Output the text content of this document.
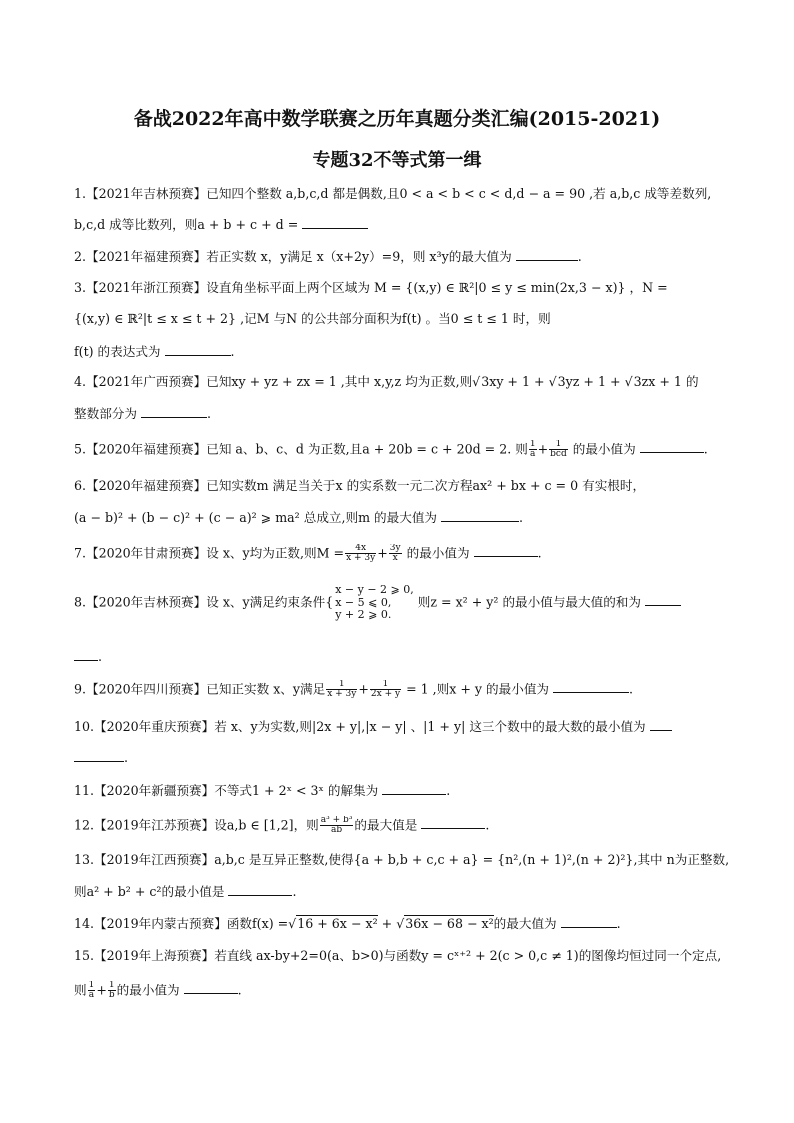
备战2022年高中数学联赛之历年真题分类汇编(2015-2021)
专题32不等式第一缉
1.【2021年吉林预赛】已知四个整数 a,b,c,d 都是偶数,且0 < a < b < c < d,d − a = 90 ,若 a,b,c 成等差数列,
b,c,d 成等比数列，则a + b + c + d =
2.【2021年福建预赛】若正实数 x，y满足 x（x+2y）=9，则 x³y的最大值为	.
3.【2021年浙江预赛】设直角坐标平面上两个区域为 M = {(x,y) ∈ ℝ²|0 ≤ y ≤ min(2x,3 − x)} ，N =
{(x,y) ∈ ℝ²|t ≤ x ≤ t + 2} ,记M 与N 的公共部分面积为f(t) 。当0 ≤ t ≤ 1 时，则
f(t) 的表达式为	.
4.【2021年广西预赛】已知xy + yz + zx = 1 ,其中 x,y,z 均为正数,则√3xy + 1 + √3yz + 1 + √3zx + 1 的
整数部分为	.
5.【2020年福建预赛】已知 a、b、c、d 为正数,且a + 20b = c + 20d = 2. 则 $\frac{1}{a} + \frac{1}{\text{bcd}}$ 的最小值为	.
6.【2020年福建预赛】已知实数m 满足当关于x 的实系数一元二次方程ax² + bx + c = 0 有实根时，
(a − b)² + (b − c)² + (c − a)² ⩾ ma² 总成立,则m 的最大值为	.
7.【2020年甘肃预赛】设 x、y均为正数,则$M = \frac{4x}{x + 3y} + \frac{3y}{x}$ 的最小值为	.
8.【2020年吉林预赛】设 x、y满足约束条件{
x − y − 2 ⩾ 0,
x − 5 ⩽ 0,
y + 2 ⩾ 0.
则z = x² + y² 的最小值与最大值的和为
.
9.【2020年四川预赛】已知正实数 x、y满足 $\frac{1}{x + 3y} + \frac{1}{2x + y} = 1$ ,则x + y 的最小值为	.
10.【2020年重庆预赛】若 x、y为实数,则|2x + y|,|x − y| 、|1 + y| 这三个数中的最大数的最小值为
.
11.【2020年新疆预赛】不等式1 + 2ˣ < 3ˣ 的解集为	.
12.【2019年江苏预赛】设a,b ∈ [1,2]，则 $\frac{\text{a³ + b³}}{ab}$ 的最大值是	.
13.【2019年江西预赛】a,b,c 是互异正整数,使得{a + b,b + c,c + a} = {n²,(n + 1)²,(n + 2)²},其中 n为正整数,
则a² + b² + c²的最小值是	.
14.【2019年内蒙古预赛】函数f(x) =√16 + 6x − x² + √36x − 68 − x²的最大值为	.
15.【2019年上海预赛】若直线 ax-by+2=0(a、b>0)与函数y = cˣ⁺² + 2(c > 0,c ≠ 1)的图像均恒过同一个定点,
则 $\frac{1}{a} + \frac{1}{b}$ 的最小值为	.
